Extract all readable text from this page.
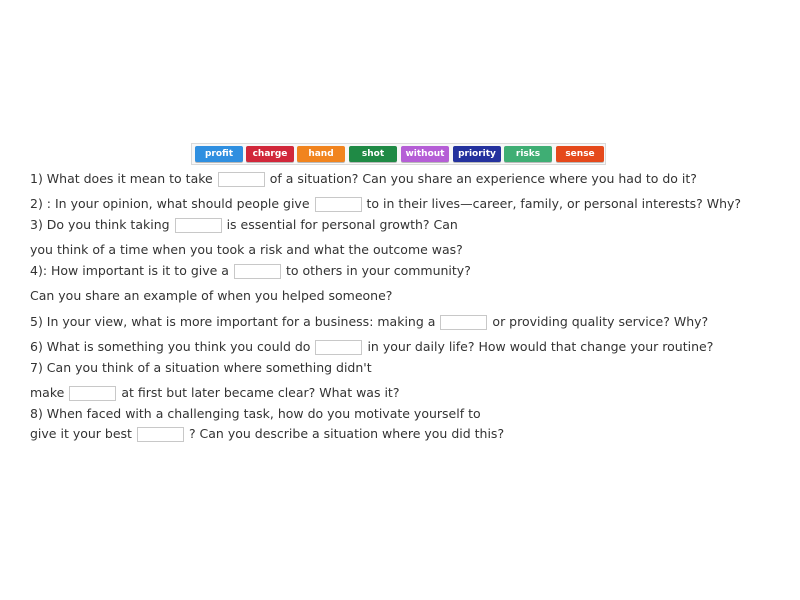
profit	charge	hand	shot	without	priority	risks	sense
1) What does it mean to take	of a situation? Can you share an experience where you had to do it?
2) : In your opinion, what should people give	to in their lives—career, family, or personal interests? Why?
3) Do you think taking	is essential for personal growth? Can
you think of a time when you took a risk and what the outcome was?
4): How important is it to give a	to others in your community?
Can you share an example of when you helped someone?
5) In your view, what is more important for a business: making a	or providing quality service? Why?
6) What is something you think you could do	in your daily life? How would that change your routine?
7) Can you think of a situation where something didn't
make	at first but later became clear? What was it?
8) When faced with a challenging task, how do you motivate yourself to
give it your best	? Can you describe a situation where you did this?
